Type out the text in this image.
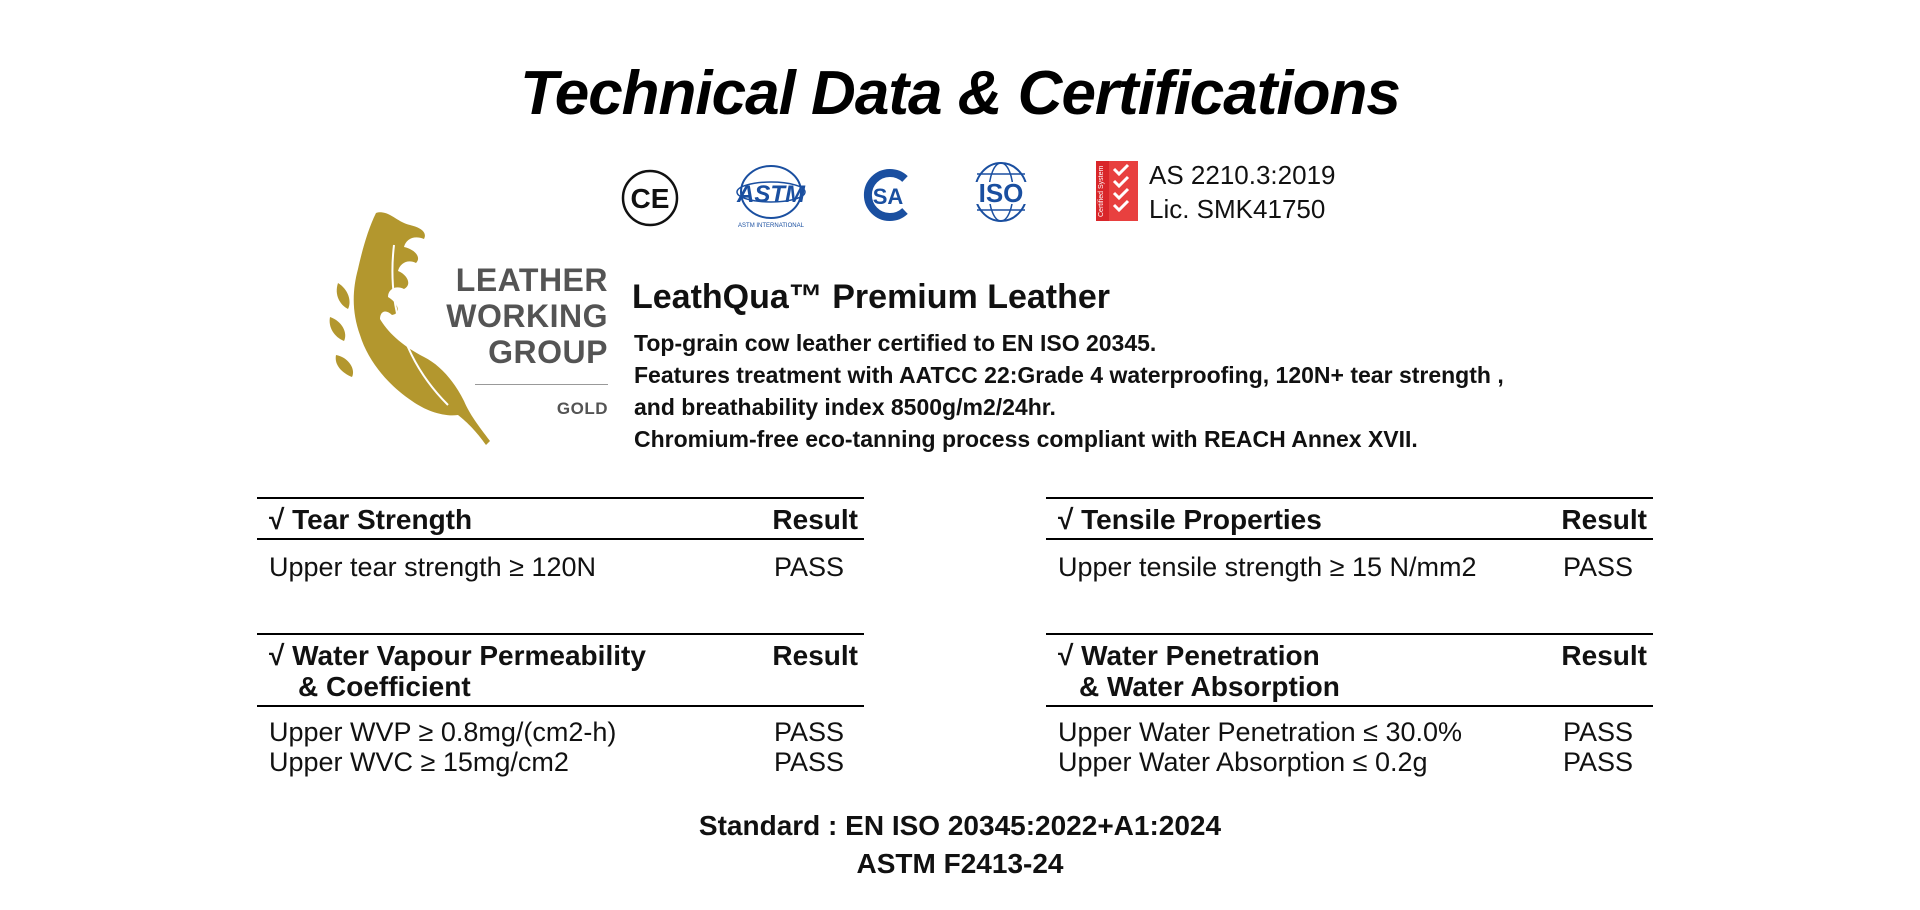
Technical Data & Certifications
CE	ASTM
ASTM INTERNATIONAL
SA	ISO	Certified System AS 2210.3:2019
Lic. SMK41750
LEATHER
WORKING
GROUP
GOLD
LeathQua™ Premium Leather
Top-grain cow leather certified to EN ISO 20345.
Features treatment with AATCC 22:Grade 4 waterproofing, 120N+ tear strength ,
and breathability index 8500g/m2/24hr.
Chromium-free eco-tanning process compliant with REACH Annex XVII.
√ Tear Strength	Result
Upper tear strength ≥ 120N	PASS
√ Tensile Properties	Result
Upper tensile strength ≥ 15 N/mm2	PASS
√ Water Vapour Permeability
& Coefficient
Result
Upper WVP ≥ 0.8mg/(cm2-h)	PASS
Upper WVC ≥ 15mg/cm2	PASS
√ Water Penetration
& Water Absorption
Result
Upper Water Penetration ≤ 30.0%	PASS
Upper Water Absorption ≤ 0.2g	PASS
Standard : EN ISO 20345:2022+A1:2024
ASTM F2413-24
